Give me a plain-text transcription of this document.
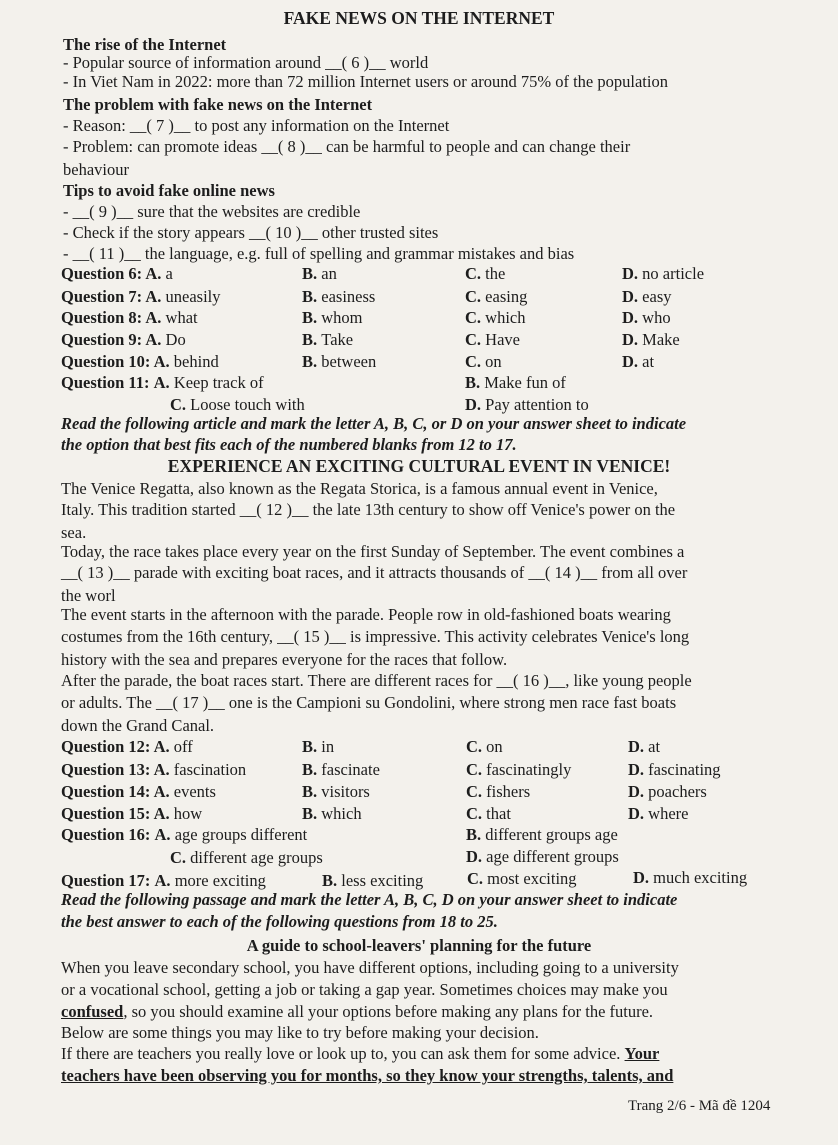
FAKE NEWS ON THE INTERNET
The rise of the Internet
- Popular source of information around __( 6 )__ world
- In Viet Nam in 2022: more than 72 million Internet users or around 75% of the population
The problem with fake news on the Internet
- Reason: __( 7 )__ to post any information on the Internet
- Problem: can promote ideas __( 8 )__ can be harmful to people and can change their
behaviour
Tips to avoid fake online news
- __( 9 )__ sure that the websites are credible
- Check if the story appears __( 10 )__ other trusted sites
- __( 11 )__ the language, e.g. full of spelling and grammar mistakes and bias
Question 6: A. a	B. an	C. the	D. no article
Question 7: A. uneasily	B. easiness	C. easing	D. easy
Question 8: A. what	B. whom	C. which	D. who
Question 9: A. Do	B. Take	C. Have	D. Make
Question 10: A. behind	B. between	C. on	D. at
Question 11: A. Keep track of	B. Make fun of
C. Loose touch with	D. Pay attention to
Read the following article and mark the letter A, B, C, or D on your answer sheet to indicate
the option that best fits each of the numbered blanks from 12 to 17.
EXPERIENCE AN EXCITING CULTURAL EVENT IN VENICE!
The Venice Regatta, also known as the Regata Storica, is a famous annual event in Venice,
Italy. This tradition started __( 12 )__ the late 13th century to show off Venice's power on the
sea.
Today, the race takes place every year on the first Sunday of September. The event combines a
__( 13 )__ parade with exciting boat races, and it attracts thousands of __( 14 )__ from all over
the worl
The event starts in the afternoon with the parade. People row in old-fashioned boats wearing
costumes from the 16th century, __( 15 )__ is impressive. This activity celebrates Venice's long
history with the sea and prepares everyone for the races that follow.
After the parade, the boat races start. There are different races for __( 16 )__, like young people
or adults. The __( 17 )__ one is the Campioni su Gondolini, where strong men race fast boats
down the Grand Canal.
Question 12: A. off	B. in	C. on	D. at
Question 13: A. fascination	B. fascinate	C. fascinatingly	D. fascinating
Question 14: A. events	B. visitors	C. fishers	D. poachers
Question 15: A. how	B. which	C. that	D. where
Question 16: A. age groups different	B. different groups age
C. different age groups	D. age different groups
Question 17: A. more exciting	B. less exciting	C. most exciting	D. much exciting
Read the following passage and mark the letter A, B, C, D on your answer sheet to indicate
the best answer to each of the following questions from 18 to 25.
A guide to school-leavers' planning for the future
When you leave secondary school, you have different options, including going to a university
or a vocational school, getting a job or taking a gap year. Sometimes choices may make you
confused, so you should examine all your options before making any plans for the future.
Below are some things you may like to try before making your decision.
If there are teachers you really love or look up to, you can ask them for some advice. Your
teachers have been observing you for months, so they know your strengths, talents, and
Trang 2/6 - Mã đề 1204
